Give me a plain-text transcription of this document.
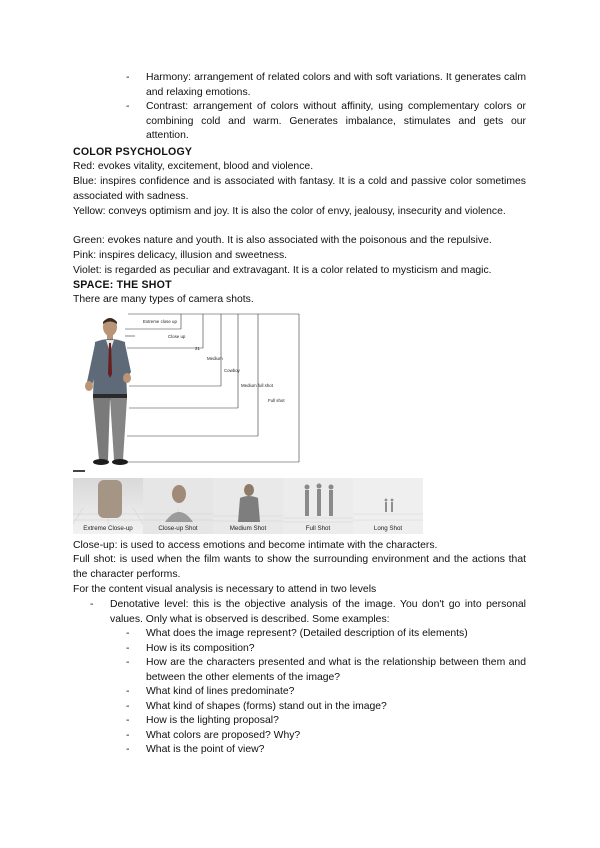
-	Harmony: arrangement of related colors and with soft variations. It generates calm and relaxing emotions.
-	Contrast: arrangement of colors without affinity, using complementary colors or combining cold and warm. Generates imbalance, stimulates and gets our attention.
COLOR PSYCHOLOGY
Red: evokes vitality, excitement, blood and violence.
Blue: inspires confidence and is associated with fantasy. It is a cold and passive color sometimes associated with sadness.
Yellow: conveys optimism and joy. It is also the color of envy, jealousy, insecurity and violence.
Green: evokes nature and youth. It is also associated with the poisonous and the repulsive.
Pink: inspires delicacy, illusion and sweetness.
Violet: is regarded as peculiar and extravagant. It is a color related to mysticism and magic.
SPACE: THE SHOT
There are many types of camera shots.
Extreme close up
Close up
21
Medium
Cowboy
Medium full shot
Full shot
Extreme Close-up	Close-up Shot	Medium Shot	Full Shot	Long Shot
Close-up: is used to access emotions and become intimate with the characters.
Full shot: is used when the film wants to show the surrounding environment and the actions that the character performs.
For the content visual analysis is necessary to attend in two levels
-	Denotative level: this is the objective analysis of the image. You don't go into personal values. Only what is observed is described. Some examples:
-	What does the image represent? (Detailed description of its elements)
-	How is its composition?
-	How are the characters presented and what is the relationship between them and between the other elements of the image?
-	What kind of lines predominate?
-	What kind of shapes (forms) stand out in the image?
-	How is the lighting proposal?
-	What colors are proposed? Why?
-	What is the point of view?
